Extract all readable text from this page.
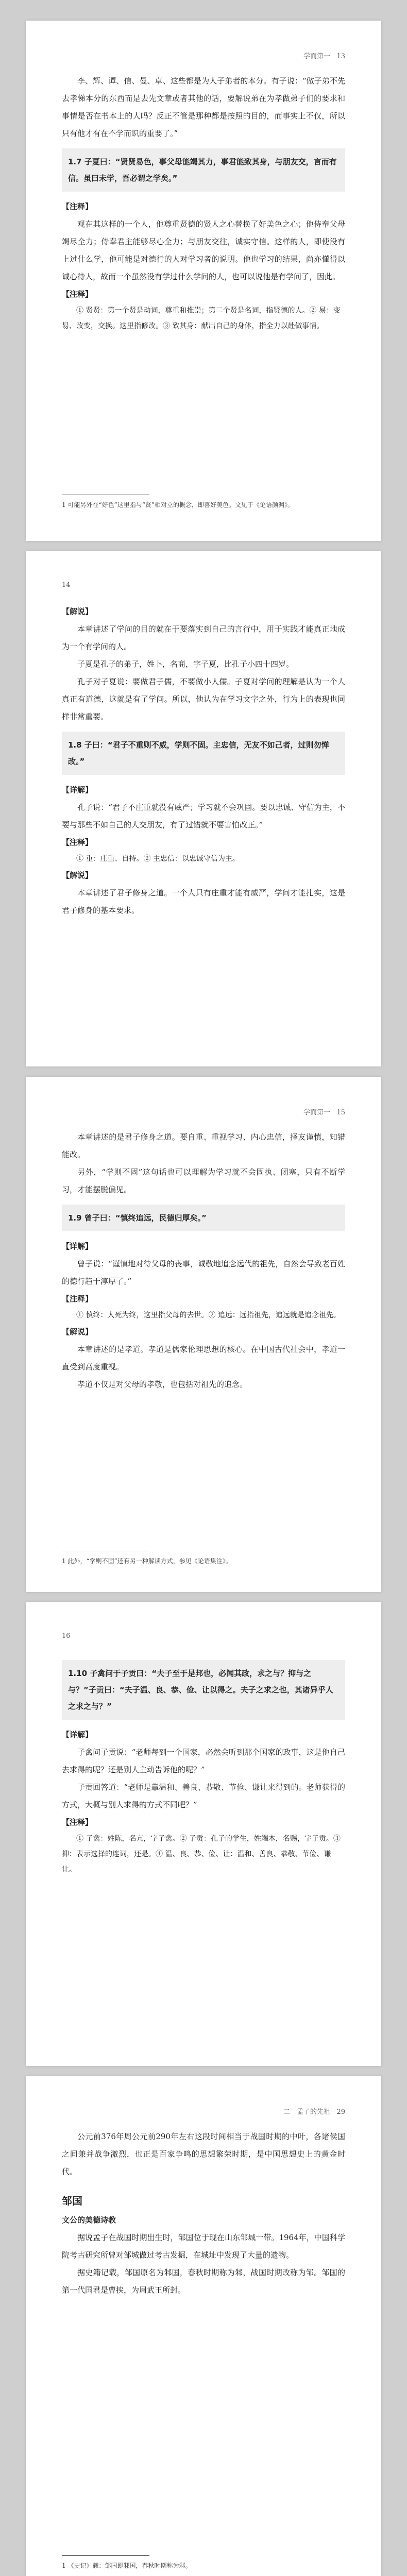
学而第一 13

李、辉、谭、信、曼、卓、这些都是为人子弟者的本分。有子说：“做子弟不先去孝悌本分的东西而是去先文章或者其他的话，要解说弟在为孝做弟子们的要求和事情是否在书本上的人吗？反正不管是那种都是按照的目的，而事实上不仅，所以只有他才有在不学而识的重要了。”

1.7 子夏曰：“贤贤易色，事父母能竭其力，事君能致其身，与朋友交，言而有信。虽曰未学，吾必谓之学矣。”

【注释】

观在其这样的一个人，他尊重贤德的贤人之心替换了好美色之心；他侍奉父母竭尽全力；侍奉君主能够尽心全力；与朋友交往，诚实守信。这样的人，即使没有上过什么学，他可能是对德行的人对学习者的说明。他也学习的结果，尚亦懂得以诚心待人，故而一个虽然没有学过什么学问的人，也可以说他是有学问了，因此。

【注释】

① 贤贤：第一个贤是动词，尊重和推崇；第二个贤是名词，指贤德的人。② 易：变易、改变，交换。这里指修改。③ 致其身：献出自己的身体，指全力以赴做事情。

1 可能另外在“好色”这里指与“贤”相对立的概念，即喜好美色。文见于《论语颜渊》。

14
【解说】

本章讲述了学问的目的就在于要落实到自己的言行中，用于实践才能真正地成为一个有学问的人。

子夏是孔子的弟子，姓卜，名商，字子夏，比孔子小四十四岁。

孔子对子夏说：要做君子儒，不要做小人儒。子夏对学问的理解是认为一个人真正有道德，这就是有了学问。所以，他认为在学习文字之外，行为上的表现也同样非常重要。

1.8 子曰：“君子不重则不威，学则不固。主忠信，无友不如己者，过则勿惮改。”

【详解】

孔子说：“君子不庄重就没有威严；学习就不会巩固。要以忠诚、守信为主，不要与那些不如自己的人交朋友，有了过错就不要害怕改正。”

【注释】

① 重：庄重、自持。② 主忠信：以忠诚守信为主。

【解说】

本章讲述了君子修身之道。一个人只有庄重才能有威严，学问才能扎实，这是君子修身的基本要求。

学而第一 15

本章讲述的是君子修身之道。要自重、重视学习、内心忠信，择友谨慎，知错能改。

另外，“学则不固”这句话也可以理解为学习就不会固执、闭塞，只有不断学习，才能摆脱偏见。

1.9 曾子曰：“慎终追远，民德归厚矣。”

【详解】

曾子说：“谨慎地对待父母的丧事，诚敬地追念远代的祖先，自然会导致老百姓的德行趋于淳厚了。”

【注释】

① 慎终：人死为终，这里指父母的去世。② 追远：远指祖先，追远就是追念祖先。

【解说】

本章讲述的是孝道。孝道是儒家伦理思想的核心。在中国古代社会中，孝道一直受到高度重视。

孝道不仅是对父母的孝敬，也包括对祖先的追念。

1 此外，“学则不固”还有另一种解读方式，参见《论语集注》。

16

1.10 子禽问于子贡曰：“夫子至于是邦也，必闻其政，求之与？抑与之与？”子贡曰：“夫子温、良、恭、俭、让以得之。夫子之求之也，其诸异乎人之求之与？”

【详解】

子禽问子贡说：“老师每到一个国家，必然会听到那个国家的政事，这是他自己去求得的呢？还是别人主动告诉他的呢？”

子贡回答道：“老师是靠温和、善良、恭敬、节俭、谦让来得到的。老师获得的方式，大概与别人求得的方式不同吧？”

【注释】

① 子禽：姓陈，名亢，字子禽。② 子贡：孔子的学生，姓端木，名赐，字子贡。③ 抑：表示选择的连词，还是。④ 温、良、恭、俭、让：温和、善良、恭敬、节俭、谦让。

二　孟子的先祖 29

公元前376年周公元前290年左右这段时间相当于战国时期的中叶，各诸侯国之间兼并战争激烈，也正是百家争鸣的思想繁荣时期，是中国思想史上的黄金时代。

邹国

文公的美德诗教

据说孟子在战国时期出生时，邹国位于现在山东邹城一带。1964年，中国科学院考古研究所曾对邹城做过考古发掘，在城址中发现了大量的遗物。

据史籍记载，邹国原名为邾国，春秋时期称为邾，战国时期改称为邹。邹国的第一代国君是曹挟，为周武王所封。

1 《史记》载：邹国即邾国，春秋时期称为邾。
